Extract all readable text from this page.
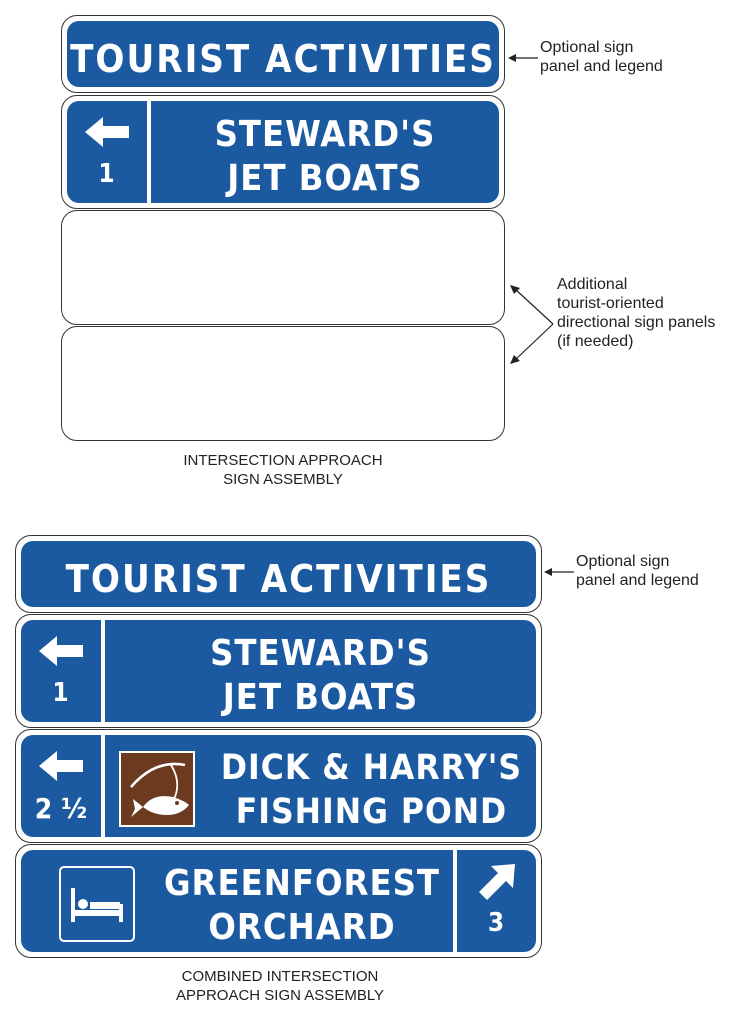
TOURIST ACTIVITIES
1
STEWARD'S
JET BOATS
Optional sign
panel and legend
Additional
tourist-oriented
directional sign panels
(if needed)
INTERSECTION APPROACH
SIGN ASSEMBLY
TOURIST ACTIVITIES
1
STEWARD'S
JET BOATS
2 ½
DICK & HARRY'S
FISHING POND
GREENFOREST
ORCHARD	3
Optional sign
panel and legend
COMBINED INTERSECTION
APPROACH SIGN ASSEMBLY
